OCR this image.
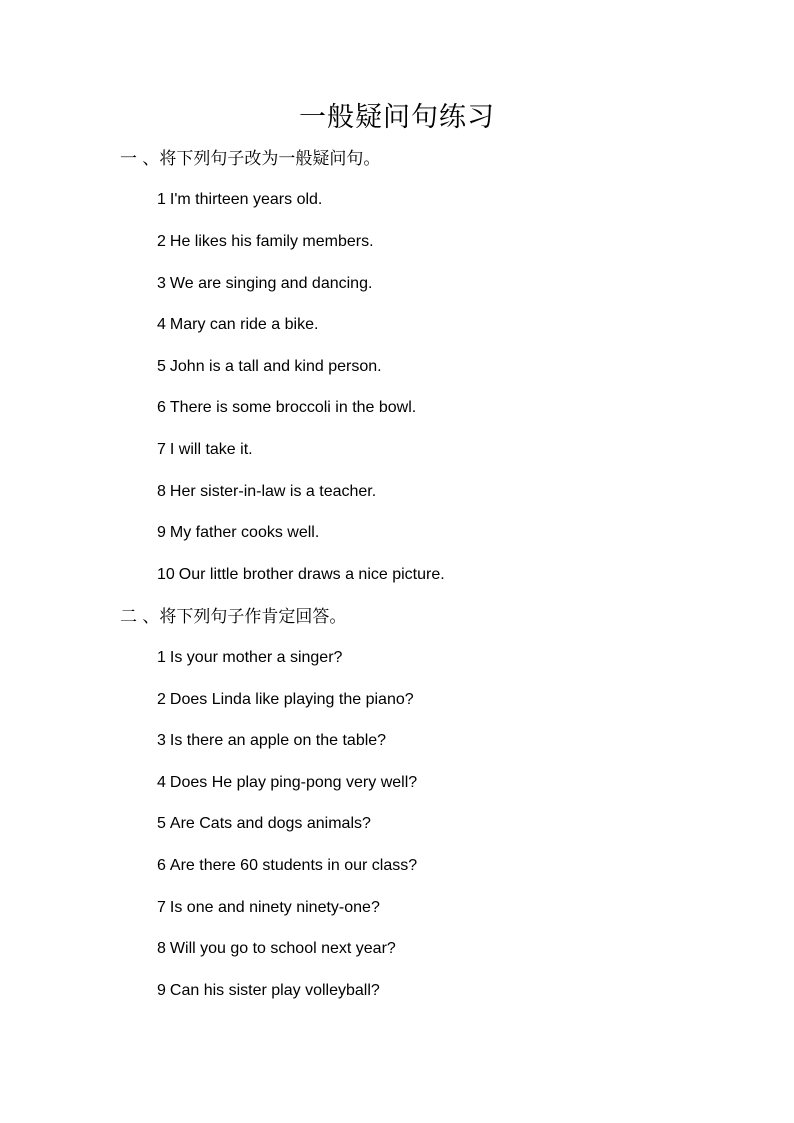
一般疑问句练习
一 、将下列句子改为一般疑问句。
1 I'm thirteen years old.
2 He likes his family members.
3 We are singing and dancing.
4 Mary can ride a bike.
5 John is a tall and kind person.
6 There is some broccoli in the bowl.
7 I will take it.
8 Her sister-in-law is a teacher.
9 My father cooks well.
10 Our little brother draws a nice picture.
二 、将下列句子作肯定回答。
1 Is your mother a singer?
2 Does Linda like playing the piano?
3 Is there an apple on the table?
4 Does He play ping-pong very well?
5 Are Cats and dogs animals?
6 Are there 60 students in our class?
7 Is one and ninety ninety-one?
8 Will you go to school next year?
9 Can his sister play volleyball?
